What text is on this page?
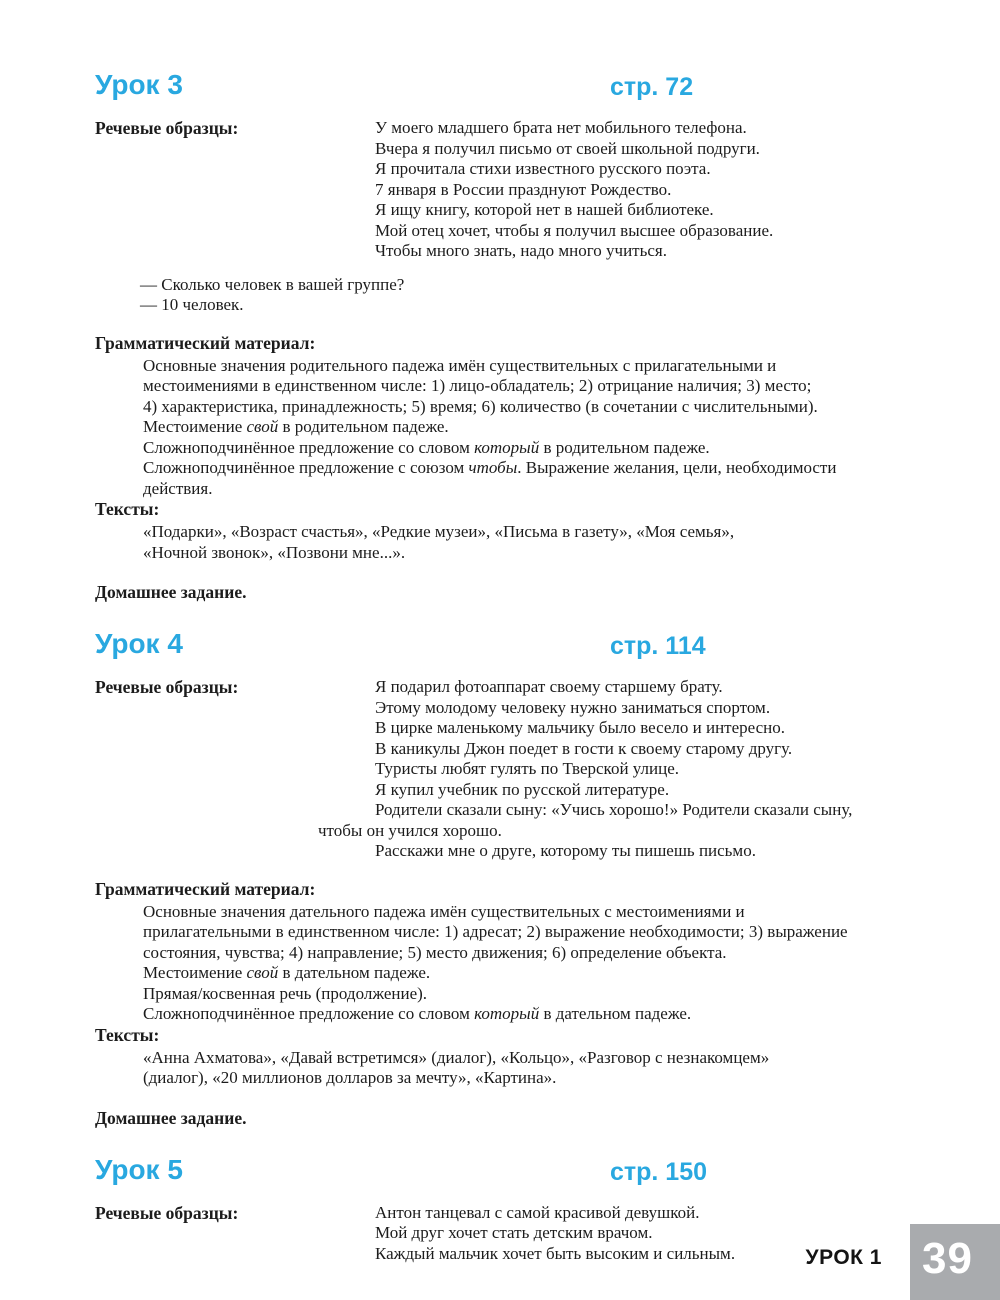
Урок 3	стр. 72
Речевые образцы:	У моего младшего брата нет мобильного телефона.
Вчера я получил письмо от своей школьной подруги.
Я прочитала стихи известного русского поэта.
7 января в России празднуют Рождество.
Я ищу книгу, которой нет в нашей библиотеке.
Мой отец хочет, чтобы я получил высшее образование.
Чтобы много знать, надо много учиться.
— Сколько человек в вашей группе?
— 10 человек.
Грамматический материал:
Основные значения родительного падежа имён существительных с прилагательными и
местоимениями в единственном числе: 1) лицо-обладатель; 2) отрицание наличия; 3) место;
4) характеристика, принадлежность; 5) время; 6) количество (в сочетании с числительными).
Местоимение свой в родительном падеже.
Сложноподчинённое предложение со словом который в родительном падеже.
Сложноподчинённое предложение с союзом чтобы. Выражение желания, цели, необходимости
действия.
Тексты:
«Подарки», «Возраст счастья», «Редкие музеи», «Письма в газету», «Моя семья»,
«Ночной звонок», «Позвони мне...».

Домашнее задание.

Урок 4	стр. 114
Речевые образцы:	Я подарил фотоаппарат своему старшему брату.
Этому молодому человеку нужно заниматься спортом.
В цирке маленькому мальчику было весело и интересно.
В каникулы Джон поедет в гости к своему старому другу.
Туристы любят гулять по Тверской улице.
Я купил учебник по русской литературе.
Родители сказали сыну: «Учись хорошо!» Родители сказали сыну,
чтобы он учился хорошо.
Расскажи мне о друге, которому ты пишешь письмо.
Грамматический материал:
Основные значения дательного падежа имён существительных с местоимениями и
прилагательными в единственном числе: 1) адресат; 2) выражение необходимости; 3) выражение
состояния, чувства; 4) направление; 5) место движения; 6) определение объекта.
Местоимение свой в дательном падеже.
Прямая/косвенная речь (продолжение).
Сложноподчинённое предложение со словом который в дательном падеже.
Тексты:
«Анна Ахматова», «Давай встретимся» (диалог), «Кольцо», «Разговор с незнакомцем»
(диалог), «20 миллионов долларов за мечту», «Картина».

Домашнее задание.

Урок 5	стр. 150
Речевые образцы:	Антон танцевал с самой красивой девушкой.
Мой друг хочет стать детским врачом.
Каждый мальчик хочет быть высоким и сильным.	УРОК 1 39
